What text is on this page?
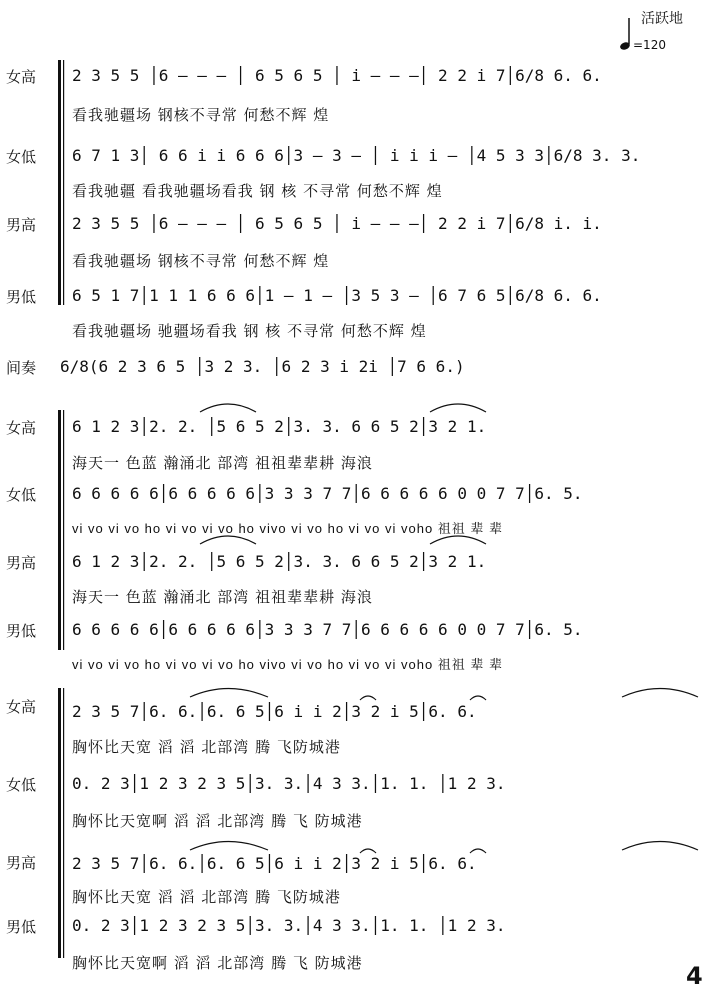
活跃地
=120
女高 2 3 5 5 │6 – – – │ 6 5 6 5 │ i – – –│ 2 2 i 7│6/8 6. 6.
看我驰疆场 钢核不寻常 何愁不辉 煌
女低 6 7 1 3│ 6 6 i i 6 6 6│3 – 3 – │ i i i – │4 5 3 3│6/8 3. 3.
看我驰疆 看我驰疆场看我 钢 核 不寻常 何愁不辉 煌
男高 2 3 5 5 │6 – – – │ 6 5 6 5 │ i – – –│ 2 2 i 7│6/8 i. i.
看我驰疆场 钢核不寻常 何愁不辉 煌
男低 6 5 1 7│1 1 1 6 6 6│1 – 1 – │3 5 3 – │6 7 6 5│6/8 6. 6.
看我驰疆场 驰疆场看我 钢 核 不寻常 何愁不辉 煌
间奏 6/8(6 2 3 6 5 │3 2 3. │6 2 3 i 2i │7 6 6.)
女高 6 1 2 3│2. 2. │5 6 5 2│3. 3. 6 6 5 2│3 2 1.
海天一 色蓝 瀚涌北 部湾 祖祖辈辈耕 海浪
女低 6 6 6 6 6│6 6 6 6 6│3 3 3 7 7│6 6 6 6 6 0 0 7 7│6. 5.
vi vo vi vo ho vi vo vi vo ho vivo vi vo ho vi vo vi voho 祖祖 辈 辈
男高 6 1 2 3│2. 2. │5 6 5 2│3. 3. 6 6 5 2│3 2 1.
海天一 色蓝 瀚涌北 部湾 祖祖辈辈耕 海浪
男低 6 6 6 6 6│6 6 6 6 6│3 3 3 7 7│6 6 6 6 6 0 0 7 7│6. 5.
vi vo vi vo ho vi vo vi vo ho vivo vi vo ho vi vo vi voho 祖祖 辈 辈
女高 2 3 5 7│6. 6.│6. 6 5│6 i i 2│3 2 i 5│6. 6.
胸怀比天宽 滔 滔 北部湾 腾 飞防城港
女低 0. 2 3│1 2 3 2 3 5│3. 3.│4 3 3.│1. 1. │1 2 3.
胸怀比天宽啊 滔 滔 北部湾 腾 飞 防城港
男高 2 3 5 7│6. 6.│6. 6 5│6 i i 2│3 2 i 5│6. 6.
胸怀比天宽 滔 滔 北部湾 腾 飞防城港
男低 0. 2 3│1 2 3 2 3 5│3. 3.│4 3 3.│1. 1. │1 2 3.
胸怀比天宽啊 滔 滔 北部湾 腾 飞 防城港	4
